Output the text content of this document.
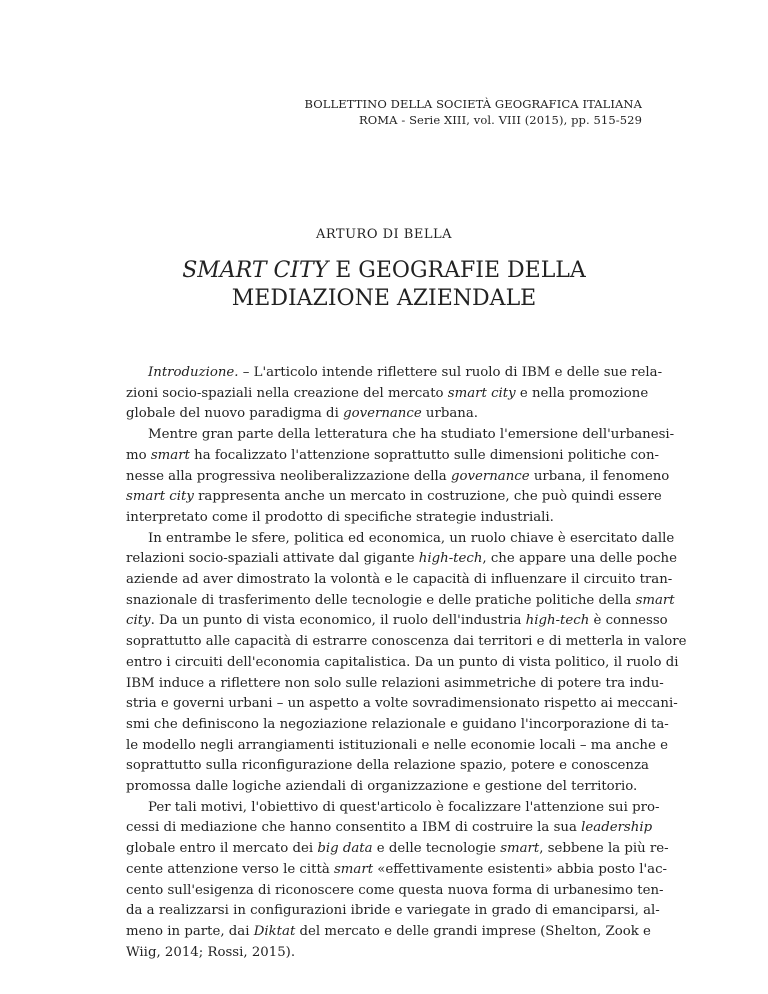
BOLLETTINO DELLA SOCIETÀ GEOGRAFICA ITALIANA
ROMA - Serie XIII, vol. VIII (2015), pp. 515-529
ARTURO DI BELLA
SMART CITY E GEOGRAFIE DELLA
MEDIAZIONE AZIENDALE
Introduzione. – L'articolo intende riflettere sul ruolo di IBM e delle sue rela-
zioni socio-spaziali nella creazione del mercato smart city e nella promozione
globale del nuovo paradigma di governance urbana.
Mentre gran parte della letteratura che ha studiato l'emersione dell'urbanesi-
mo smart ha focalizzato l'attenzione soprattutto sulle dimensioni politiche con-
nesse alla progressiva neoliberalizzazione della governance urbana, il fenomeno
smart city rappresenta anche un mercato in costruzione, che può quindi essere
interpretato come il prodotto di specifiche strategie industriali.
In entrambe le sfere, politica ed economica, un ruolo chiave è esercitato dalle
relazioni socio-spaziali attivate dal gigante high-tech, che appare una delle poche
aziende ad aver dimostrato la volontà e le capacità di influenzare il circuito tran-
snazionale di trasferimento delle tecnologie e delle pratiche politiche della smart
city. Da un punto di vista economico, il ruolo dell'industria high-tech è connesso
soprattutto alle capacità di estrarre conoscenza dai territori e di metterla in valore
entro i circuiti dell'economia capitalistica. Da un punto di vista politico, il ruolo di
IBM induce a riflettere non solo sulle relazioni asimmetriche di potere tra indu-
stria e governi urbani – un aspetto a volte sovradimensionato rispetto ai meccani-
smi che definiscono la negoziazione relazionale e guidano l'incorporazione di ta-
le modello negli arrangiamenti istituzionali e nelle economie locali – ma anche e
soprattutto sulla riconfigurazione della relazione spazio, potere e conoscenza
promossa dalle logiche aziendali di organizzazione e gestione del territorio.
Per tali motivi, l'obiettivo di quest'articolo è focalizzare l'attenzione sui pro-
cessi di mediazione che hanno consentito a IBM di costruire la sua leadership
globale entro il mercato dei big data e delle tecnologie smart, sebbene la più re-
cente attenzione verso le città smart «effettivamente esistenti» abbia posto l'ac-
cento sull'esigenza di riconoscere come questa nuova forma di urbanesimo ten-
da a realizzarsi in configurazioni ibride e variegate in grado di emanciparsi, al-
meno in parte, dai Diktat del mercato e delle grandi imprese (Shelton, Zook e
Wiig, 2014; Rossi, 2015).
